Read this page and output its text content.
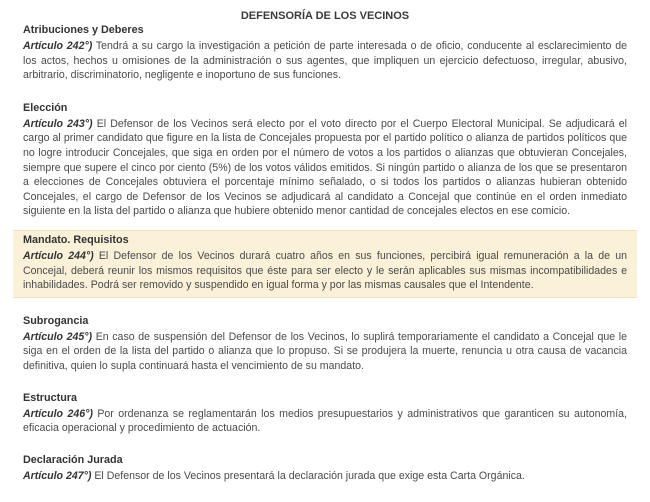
DEFENSORÍA DE LOS VECINOS
Atribuciones y Deberes

Artículo 242°) Tendrá a su cargo la investigación a petición de parte interesada o de oficio, conducente al esclarecimiento de los actos, hechos u omisiones de la administración o sus agentes, que impliquen un ejercicio defectuoso, irregular, abusivo, arbitrario, discriminatorio, negligente e inoportuno de sus funciones.

Elección

Artículo 243°) El Defensor de los Vecinos será electo por el voto directo por el Cuerpo Electoral Municipal. Se adjudicará el cargo al primer candidato que figure en la lista de Concejales propuesta por el partido político o alianza de partidos políticos que no logre introducir Concejales, que siga en orden por el número de votos a los partidos o alianzas que obtuvieran Concejales, siempre que supere el cinco por ciento (5%) de los votos válidos emitidos. Si ningún partido o alianza de los que se presentaron a elecciones de Concejales obtuviera el porcentaje mínimo señalado, o si todos los partidos o alianzas hubieran obtenido Concejales, el cargo de Defensor de los Vecinos se adjudicará al candidato a Concejal que continúe en el orden inmediato siguiente en la lista del partido o alianza que hubiere obtenido menor cantidad de concejales electos en ese comicio.

Mandato. Requisitos

Artículo 244°) El Defensor de los Vecinos durará cuatro años en sus funciones, percibirá igual remuneración a la de un Concejal, deberá reunir los mismos requisitos que éste para ser electo y le serán aplicables sus mismas incompatibilidades e inhabilidades. Podrá ser removido y suspendido en igual forma y por las mismas causales que el Intendente.

Subrogancia

Artículo 245°) En caso de suspensión del Defensor de los Vecinos, lo suplirá temporariamente el candidato a Concejal que le siga en el orden de la lista del partido o alianza que lo propuso. Si se produjera la muerte, renuncia u otra causa de vacancia definitiva, quien lo supla continuará hasta el vencimiento de su mandato.

Estructura

Artículo 246°) Por ordenanza se reglamentarán los medios presupuestarios y administrativos que garanticen su autonomía, eficacia operacional y procedimiento de actuación.

Declaración Jurada

Artículo 247°) El Defensor de los Vecinos presentará la declaración jurada que exige esta Carta Orgánica.
